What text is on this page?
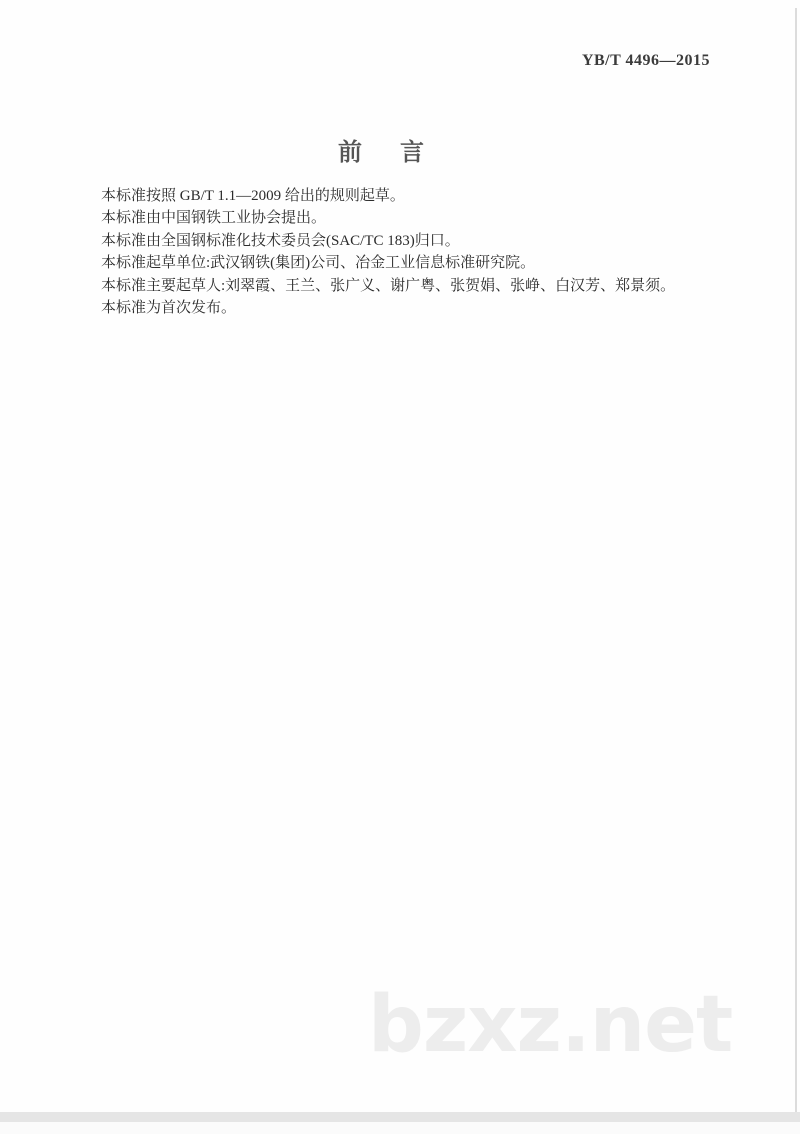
YB/T 4496—2015
前言

本标准按照 GB/T 1.1—2009 给出的规则起草。

本标准由中国钢铁工业协会提出。

本标准由全国钢标准化技术委员会(SAC/TC 183)归口。

本标准起草单位:武汉钢铁(集团)公司、冶金工业信息标准研究院。

本标准主要起草人:刘翠霞、王兰、张广义、谢广粤、张贺娟、张峥、白汉芳、郑景须。

本标准为首次发布。

bzxz.net
